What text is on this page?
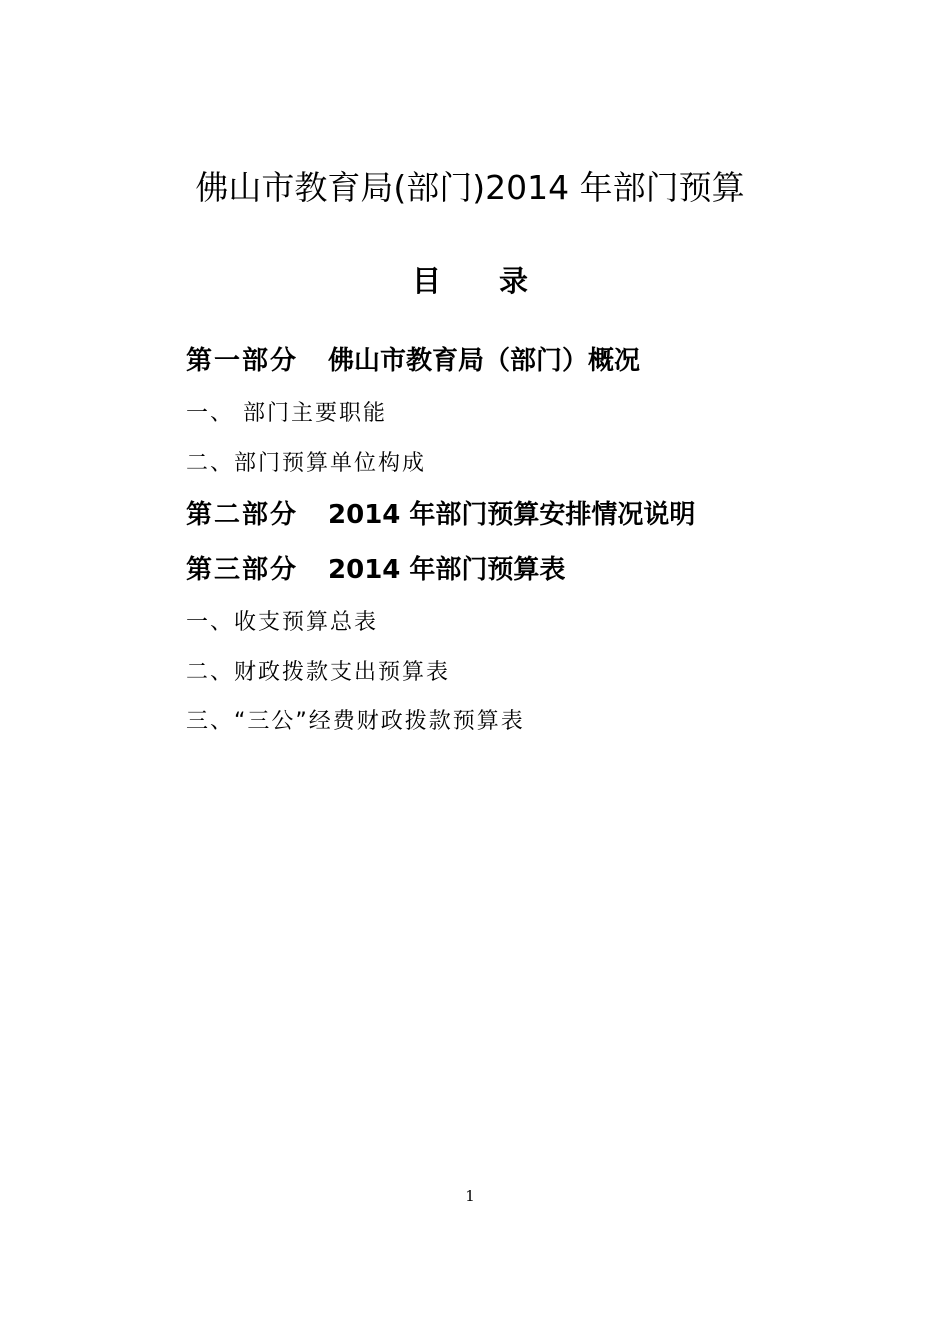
佛山市教育局(部门)2014 年部门预算
目 录
第一部分 佛山市教育局（部门）概况
一、 部门主要职能
二、部门预算单位构成
第二部分 2014 年部门预算安排情况说明
第三部分 2014 年部门预算表
一、收支预算总表
二、财政拨款支出预算表
三、“三公”经费财政拨款预算表
1
